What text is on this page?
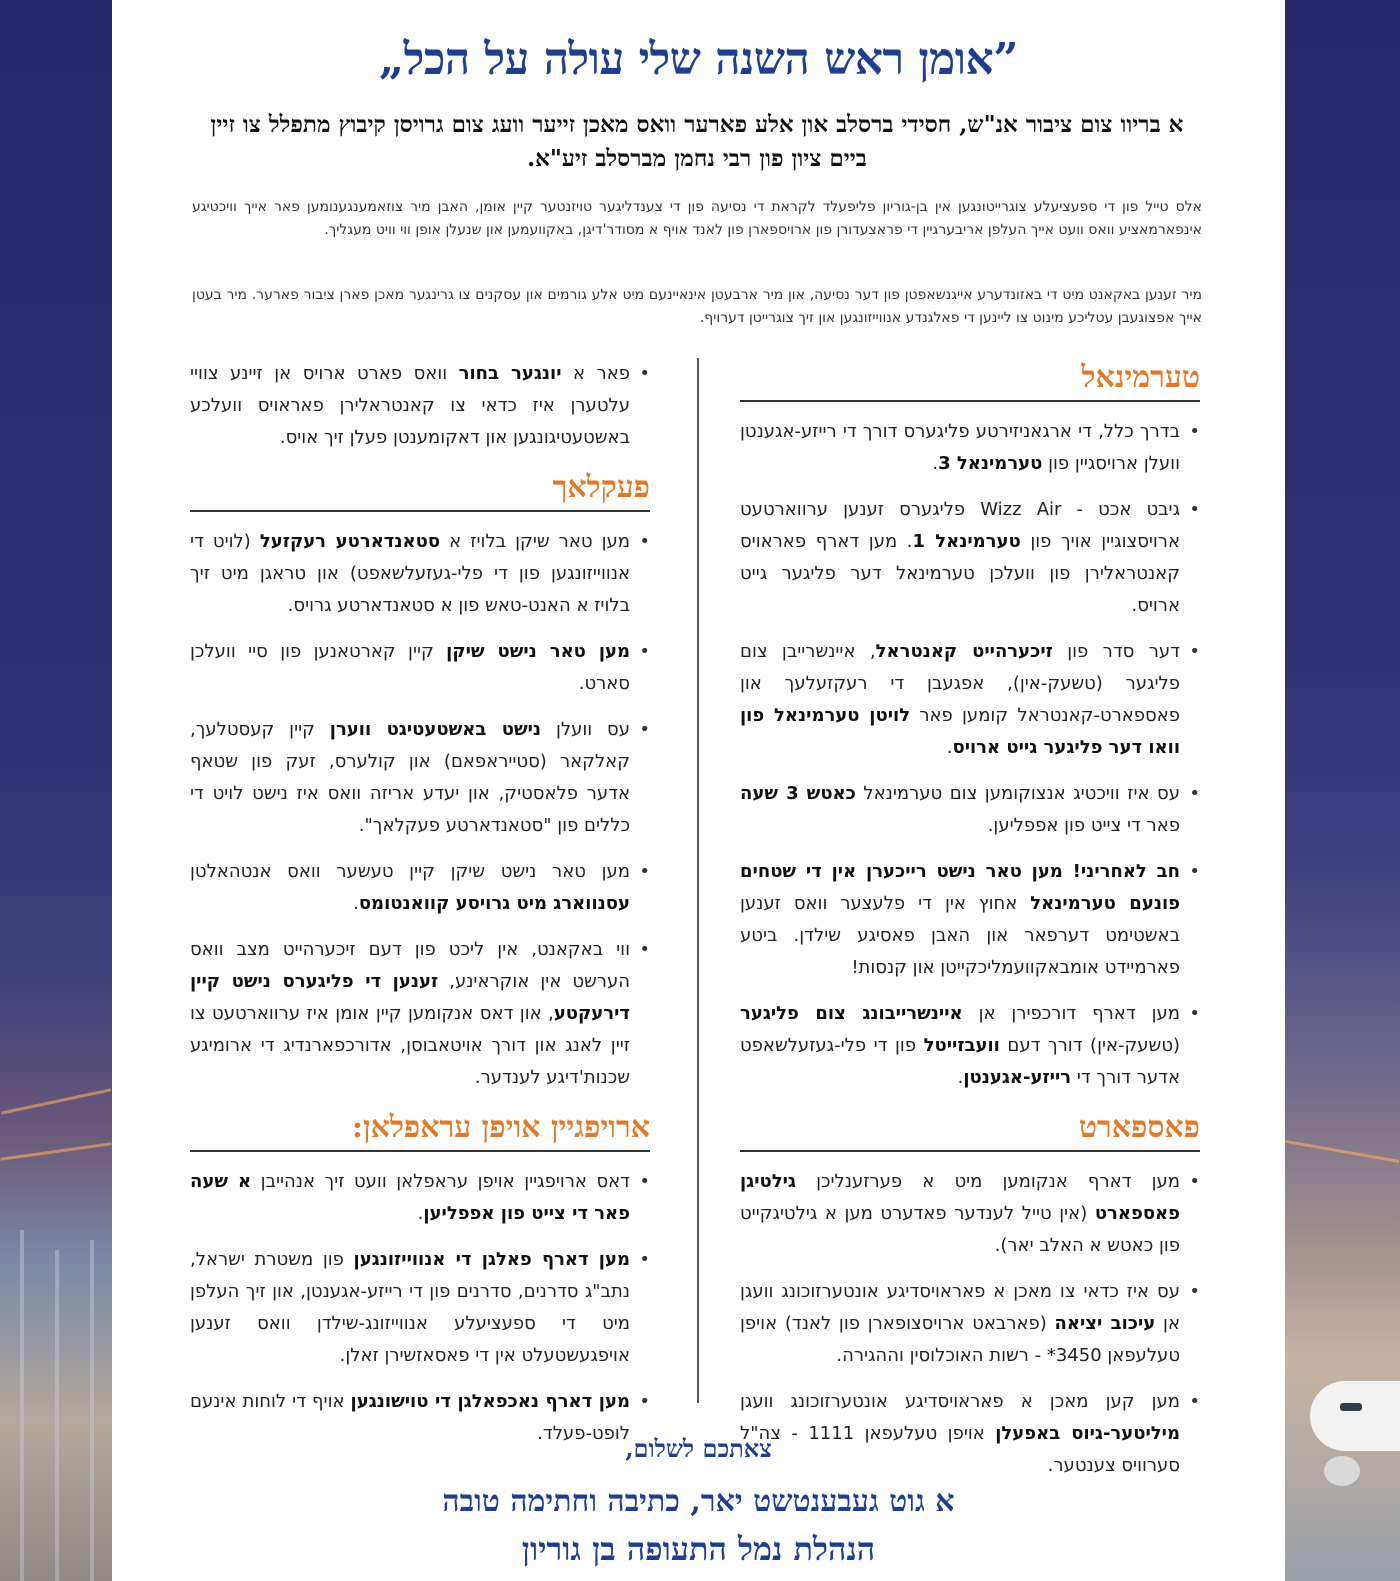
”אומן ראש השנה שלי עולה על הכל„
א בריוו צום ציבור אנ"ש, חסידי ברסלב און אלע פארער וואס מאכן זייער וועג צום גרויסן קיבוץ מתפלל צו זיין ביים ציון פון רבי נחמן מברסלב זיע"א.
אלס טייל פון די ספעציעלע צוגרייטונגען אין בן-גוריון פליפעלד לקראת די נסיעה פון די צענדליגער טויזנטער קיין אומן, האבן מיר צוזאמענגענומען פאר אייך וויכטיגע אינפארמאציע וואס וועט אייך העלפן אריבערגיין די פראצעדורן פון ארויספארן פון לאנד אויף א מסודר'דיגן, באקוועמען און שנעלן אופן ווי וויט מעגליך.
מיר זענען באקאנט מיט די באזונדערע אייגנשאפטן פון דער נסיעה, און מיר ארבעטן אינאיינעם מיט אלע גורמים און עסקנים צו גרינגער מאכן פארן ציבור פארער. מיר בעטן אייך אפצוגעבן עטליכע מינוט צו ליינען די פאלגנדע אנווייזונגען און זיך צוגרייטן דערויף.
טערמינאל
• בדרך כלל, די ארגאניזירטע פליגערס דורך די רייזע-אגענטן וועלן ארויסגיין פון טערמינאל 3.
• גיבט אכט - Wizz Air פליגערס זענען ערווארטעט ארויסצוגיין אויך פון טערמינאל 1. מען דארף פאראויס קאנטראלירן פון וועלכן טערמינאל דער פליגער גייט ארויס.
• דער סדר פון זיכערהייט קאנטראל, איינשרייבן צום פליגער (טשעק-אין), אפגעבן די רעקזעלעך און פאספארט-קאנטראל קומען פאר לויטן טערמינאל פון וואו דער פליגער גייט ארויס.
• עס איז וויכטיג אנצוקומען צום טערמינאל כאטש 3 שעה פאר די צייט פון אפפליען.
• חב לאחריני! מען טאר נישט רייכערן אין די שטחים פונעם טערמינאל אחוץ אין די פלעצער וואס זענען באשטימט דערפאר און האבן פאסיגע שילדן. ביטע פארמיידט אומבאקוועמליכקייטן און קנסות!
• מען דארף דורכפירן אן איינשרייבונג צום פליגער (טשעק-אין) דורך דעם וועבזייטל פון די פלי-געזעלשאפט אדער דורך די רייזע-אגענטן.
פאספארט
• מען דארף אנקומען מיט א פערזענליכן גילטיגן פאספארט (אין טייל לענדער פאדערט מען א גילטיגקייט פון כאטש א האלב יאר).
• עס איז כדאי צו מאכן א פאראויסדיגע אונטערזוכונג וועגן אן עיכוב יציאה (פארבאט ארויסצופארן פון לאנד) אויפן טעלעפאן 3450* - רשות האוכלוסין וההגירה.
• מען קען מאכן א פאראויסדיגע אונטערזוכונג וועגן מיליטער-גיוס באפעלן אויפן טעלעפאן 1111 - צה"ל סערוויס צענטער.
• פאר א יונגער בחור וואס פארט ארויס אן זיינע צוויי עלטערן איז כדאי צו קאנטראלירן פאראויס וועלכע באשטעטיגונגען און דאקומענטן פעלן זיך אויס.
פעקלאך
• מען טאר שיקן בלויז א סטאנדארטע רעקזעל (לויט די אנווייזונגען פון די פלי-געזעלשאפט) און טראגן מיט זיך בלויז א האנט-טאש פון א סטאנדארטע גרויס.
• מען טאר נישט שיקן קיין קארטאנען פון סיי וועלכן סארט.
• עס וועלן נישט באשטעטיגט ווערן קיין קעסטלעך, קאלקאר (סטייראפאם) און קולערס, זעק פון שטאף אדער פלאסטיק, און יעדע אריזה וואס איז נישט לויט די כללים פון "סטאנדארטע פעקלאך".
• מען טאר נישט שיקן קיין טעשער וואס אנטהאלטן עסנווארג מיט גרויסע קוואנטומס.
• ווי באקאנט, אין ליכט פון דעם זיכערהייט מצב וואס הערשט אין אוקראינע, זענען די פליגערס נישט קיין דירעקטע, און דאס אנקומען קיין אומן איז ערווארטעט צו זיין לאנג און דורך אויטאבוסן, אדורכפארנדיג די ארומיגע שכנות'דיגע לענדער.
ארויפגיין אויפן עראפלאן:
• דאס ארויפגיין אויפן עראפלאן וועט זיך אנהייבן א שעה פאר די צייט פון אפפליען.
• מען דארף פאלגן די אנווייזונגען פון משטרת ישראל, נתב"ג סדרנים, סדרנים פון די רייזע-אגענטן, און זיך העלפן מיט די ספעציעלע אנווייזונג-שילדן וואס זענען אויפגעשטעלט אין די פאסאזשירן זאלן.
• מען דארף נאכפאלגן די טוישונגען אויף די לוחות אינעם לופט-פעלד.
צאתכם לשלום,
א גוט געבענטשט יאר, כתיבה וחתימה טובה
הנהלת נמל התעופה בן גוריון
